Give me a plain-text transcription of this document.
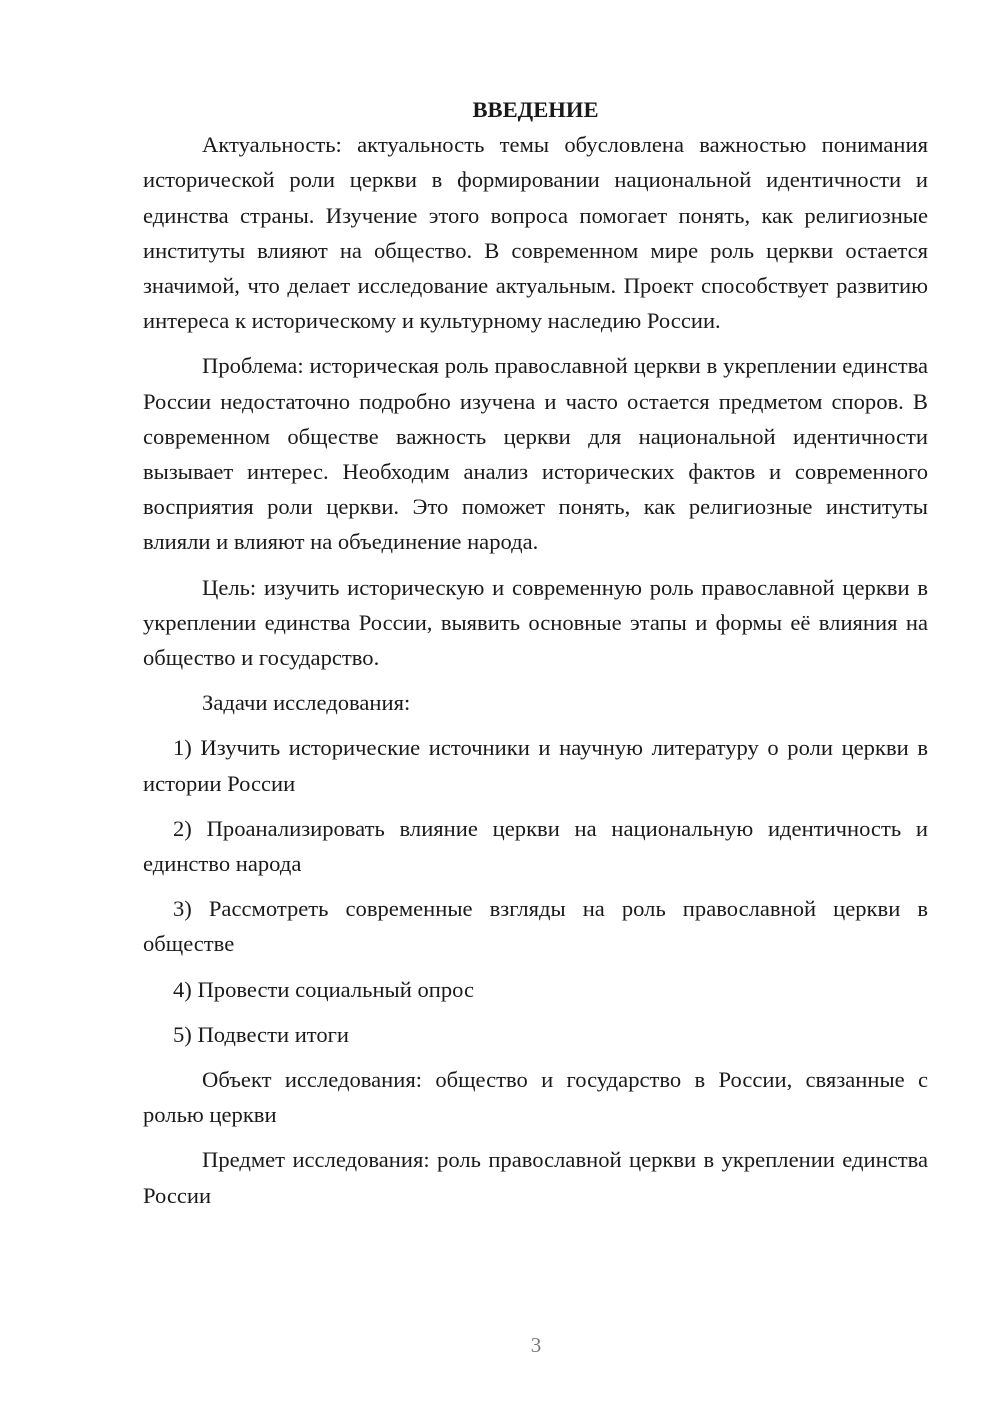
ВВЕДЕНИЕ

Актуальность: актуальность темы обусловлена важностью понимания исторической роли церкви в формировании национальной идентичности и единства страны. Изучение этого вопроса помогает понять, как религиозные институты влияют на общество. В современном мире роль церкви остается значимой, что делает исследование актуальным. Проект способствует развитию интереса к историческому и культурному наследию России.

Проблема: историческая роль православной церкви в укреплении единства России недостаточно подробно изучена и часто остается предметом споров. В современном обществе важность церкви для национальной идентичности вызывает интерес. Необходим анализ исторических фактов и современного восприятия роли церкви. Это поможет понять, как религиозные институты влияли и влияют на объединение народа.

Цель: изучить историческую и современную роль православной церкви в укреплении единства России, выявить основные этапы и формы её влияния на общество и государство.

Задачи исследования:

1) Изучить исторические источники и научную литературу о роли церкви в истории России

2) Проанализировать влияние церкви на национальную идентичность и единство народа

3) Рассмотреть современные взгляды на роль православной церкви в обществе

4) Провести социальный опрос

5) Подвести итоги

Объект исследования: общество и государство в России, связанные с ролью церкви

Предмет исследования: роль православной церкви в укреплении единства России

3
